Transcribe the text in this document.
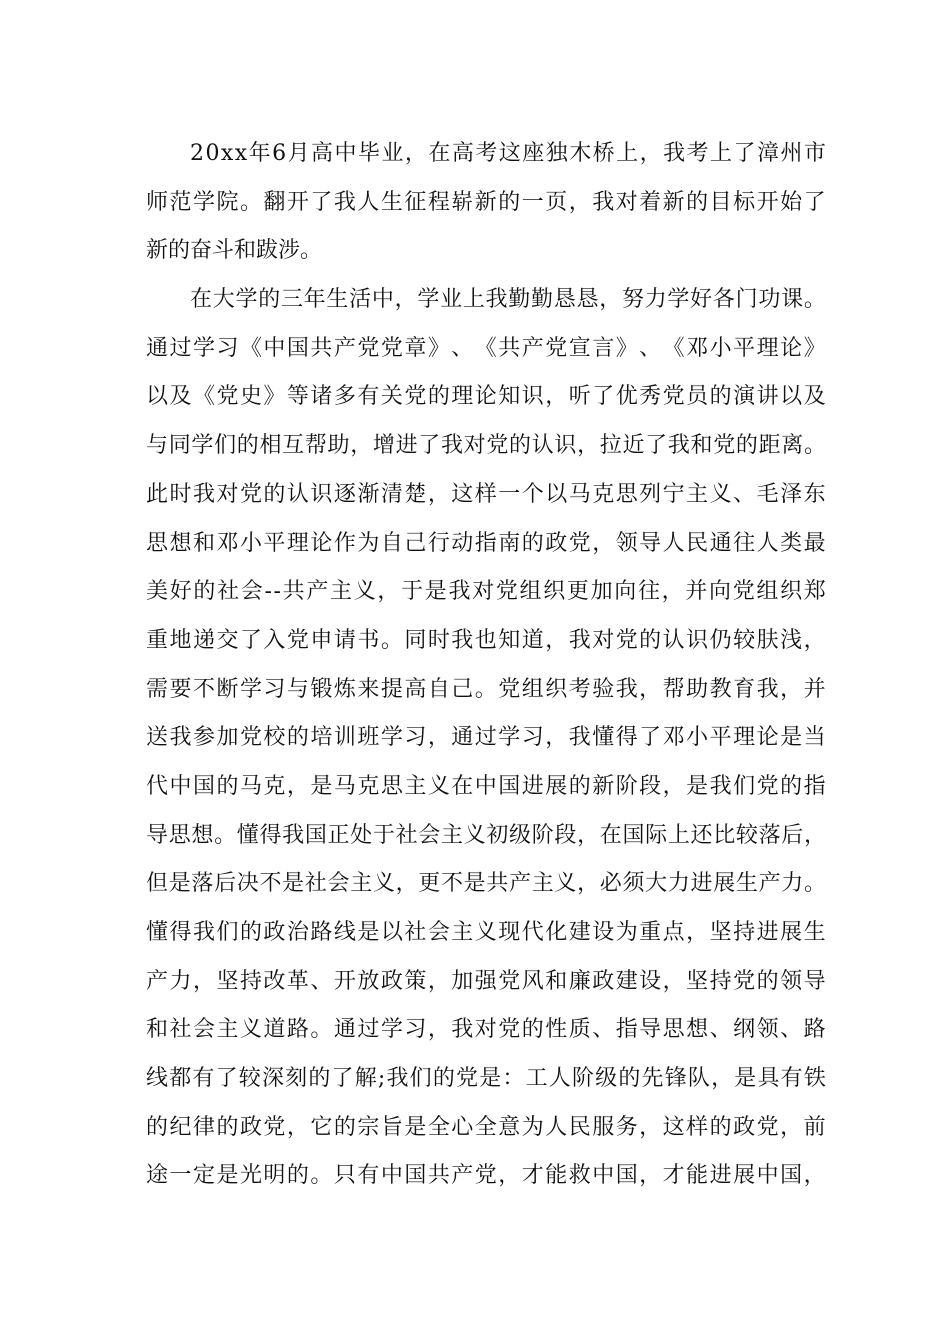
2 0 x x 年 6 月 高 中 毕 业 ， 在 高 考 这 座 独 木 桥 上 ， 我 考 上 了 漳 州 市
师 范 学 院 。 翻 开 了 我 人 生 征 程 崭 新 的 一 页 ， 我 对 着 新 的 目 标 开 始 了
新的奋斗和跋涉。
在 大 学 的 三 年 生 活 中 ， 学 业 上 我 勤 勤 恳 恳 ， 努 力 学 好 各 门 功 课 。
通 过 学 习 《 中 国 共 产 党 党 章 》 、 《 共 产 党 宣 言 》 、 《 邓 小 平 理 论 》
以 及 《 党 史 》 等 诸 多 有 关 党 的 理 论 知 识 ， 听 了 优 秀 党 员 的 演 讲 以 及
与 同 学 们 的 相 互 帮 助 ， 增 进 了 我 对 党 的 认 识 ， 拉 近 了 我 和 党 的 距 离 。
此 时 我 对 党 的 认 识 逐 渐 清 楚 ， 这 样 一 个 以 马 克 思 列 宁 主 义 、 毛 泽 东
思 想 和 邓 小 平 理 论 作 为 自 己 行 动 指 南 的 政 党 ， 领 导 人 民 通 往 人 类 最
美 好 的 社 会 - - 共 产 主 义 ， 于 是 我 对 党 组 织 更 加 向 往 ， 并 向 党 组 织 郑
重 地 递 交 了 入 党 申 请 书 。 同 时 我 也 知 道 ， 我 对 党 的 认 识 仍 较 肤 浅 ，
需 要 不 断 学 习 与 锻 炼 来 提 高 自 己 。 党 组 织 考 验 我 ， 帮 助 教 育 我 ， 并
送 我 参 加 党 校 的 培 训 班 学 习 ， 通 过 学 习 ， 我 懂 得 了 邓 小 平 理 论 是 当
代 中 国 的 马 克 ， 是 马 克 思 主 义 在 中 国 进 展 的 新 阶 段 ， 是 我 们 党 的 指
导 思 想 。 懂 得 我 国 正 处 于 社 会 主 义 初 级 阶 段 ， 在 国 际 上 还 比 较 落 后 ，
但 是 落 后 决 不 是 社 会 主 义 ， 更 不 是 共 产 主 义 ， 必 须 大 力 进 展 生 产 力 。
懂 得 我 们 的 政 治 路 线 是 以 社 会 主 义 现 代 化 建 设 为 重 点 ， 坚 持 进 展 生
产 力 ， 坚 持 改 革 、 开 放 政 策 ， 加 强 党 风 和 廉 政 建 设 ， 坚 持 党 的 领 导
和 社 会 主 义 道 路 。 通 过 学 习 ， 我 对 党 的 性 质 、 指 导 思 想 、 纲 领 、 路
线 都 有 了 较 深 刻 的 了 解 ; 我 们 的 党 是 ： 工 人 阶 级 的 先 锋 队 ， 是 具 有 铁
的 纪 律 的 政 党 ， 它 的 宗 旨 是 全 心 全 意 为 人 民 服 务 ， 这 样 的 政 党 ， 前
途 一 定 是 光 明 的 。 只 有 中 国 共 产 党 ， 才 能 救 中 国 ， 才 能 进 展 中 国 ，
